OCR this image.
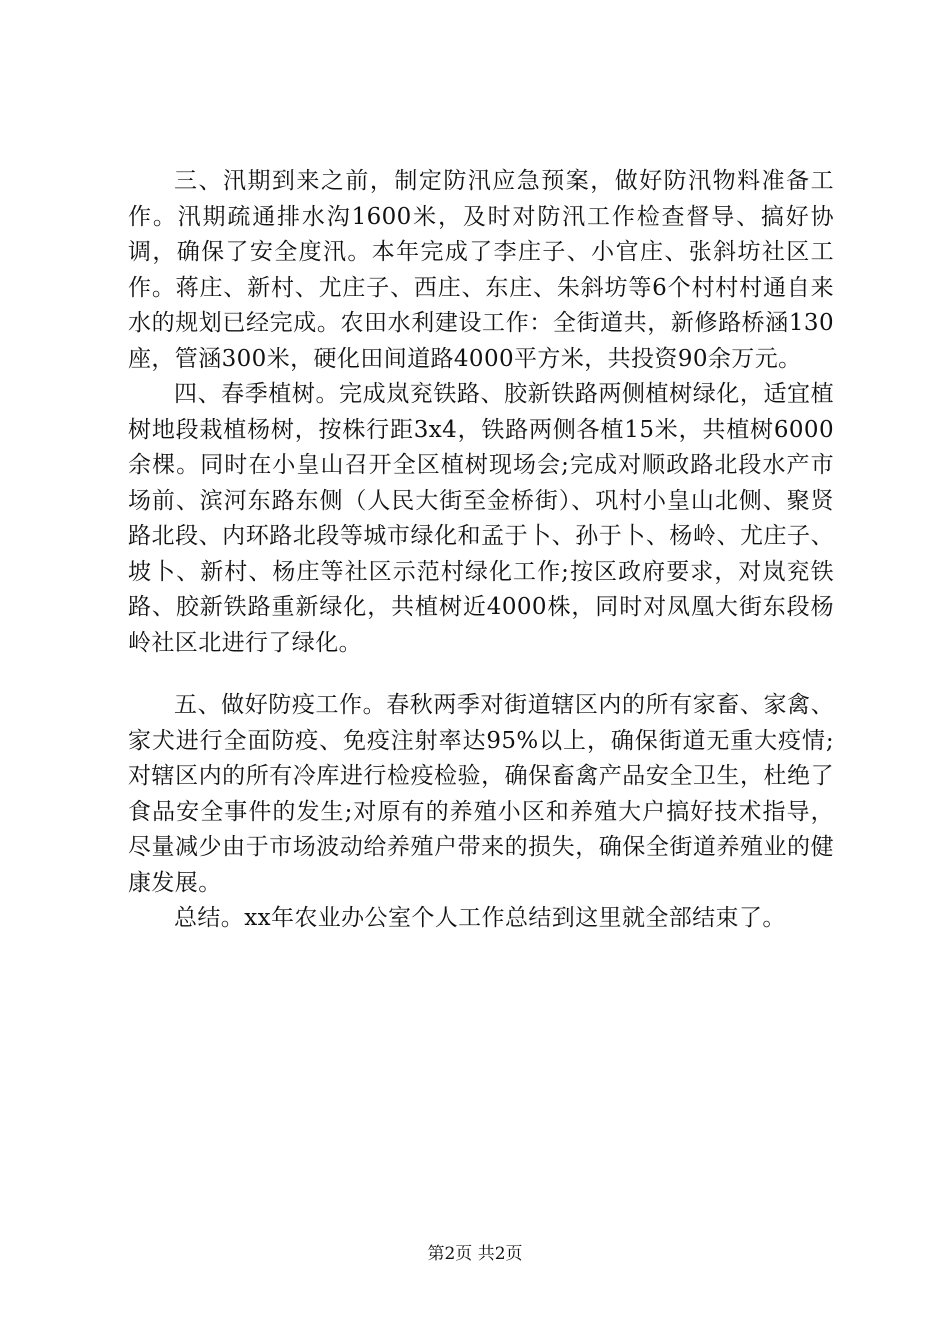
三、汛期到来之前，制定防汛应急预案，做好防汛物料准备工作。汛期疏通排水沟1600米，及时对防汛工作检查督导、搞好协调，确保了安全度汛。本年完成了李庄子、小官庄、张斜坊社区工作。蒋庄、新村、尤庄子、西庄、东庄、朱斜坊等6个村村村通自来水的规划已经完成。农田水利建设工作：全街道共，新修路桥涵130座，管涵300米，硬化田间道路4000平方米，共投资90余万元。

四、春季植树。完成岚兖铁路、胶新铁路两侧植树绿化，适宜植树地段栽植杨树，按株行距3x4，铁路两侧各植15米，共植树6000余棵。同时在小皇山召开全区植树现场会;完成对顺政路北段水产市场前、滨河东路东侧（人民大街至金桥街）、巩村小皇山北侧、聚贤路北段、内环路北段等城市绿化和孟于卜、孙于卜、杨岭、尤庄子、坡卜、新村、杨庄等社区示范村绿化工作;按区政府要求，对岚兖铁路、胶新铁路重新绿化，共植树近4000株，同时对凤凰大街东段杨岭社区北进行了绿化。

五、做好防疫工作。春秋两季对街道辖区内的所有家畜、家禽、家犬进行全面防疫、免疫注射率达95%以上，确保街道无重大疫情;对辖区内的所有冷库进行检疫检验，确保畜禽产品安全卫生，杜绝了食品安全事件的发生;对原有的养殖小区和养殖大户搞好技术指导，尽量减少由于市场波动给养殖户带来的损失，确保全街道养殖业的健康发展。

总结。xx年农业办公室个人工作总结到这里就全部结束了。

第2页 共2页
